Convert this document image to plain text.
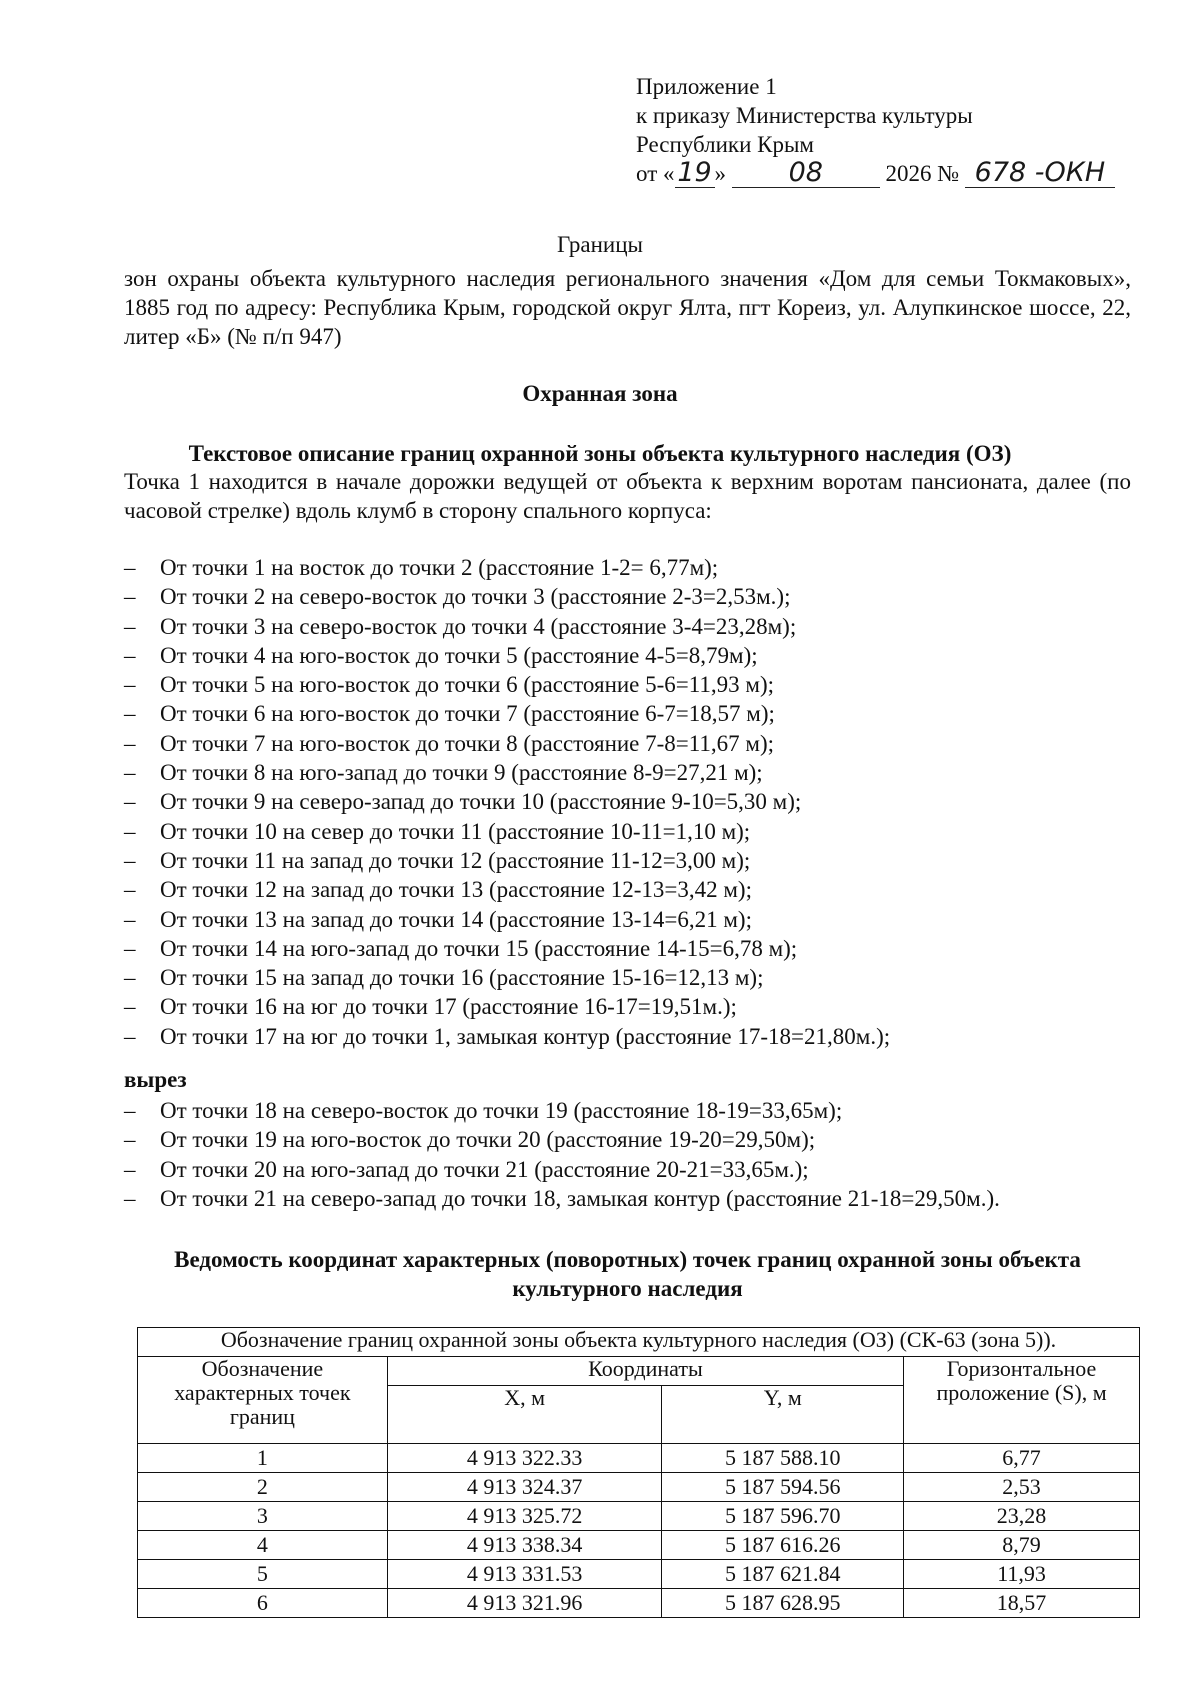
Приложение 1
к приказу Министерства культуры
Республики Крым
от « 19 » 08	2026 № 678 -ОКН
Границы
зон охраны объекта культурного наследия регионального значения «Дом для семьи Токмаковых», 1885 год по адресу: Республика Крым, городской округ Ялта, пгт Кореиз, ул. Алупкинское шоссе, 22, литер «Б» (№ п/п 947)
Охранная зона
Текстовое описание границ охранной зоны объекта культурного наследия (ОЗ)
Точка 1 находится в начале дорожки ведущей от объекта к верхним воротам пансионата, далее (по часовой стрелке) вдоль клумб в сторону спального корпуса:
– От точки 1 на восток до точки 2 (расстояние 1-2= 6,77м);
– От точки 2 на северо-восток до точки 3 (расстояние 2-3=2,53м.);
– От точки 3 на северо-восток до точки 4 (расстояние 3-4=23,28м);
– От точки 4 на юго-восток до точки 5 (расстояние 4-5=8,79м);
– От точки 5 на юго-восток до точки 6 (расстояние 5-6=11,93 м);
– От точки 6 на юго-восток до точки 7 (расстояние 6-7=18,57 м);
– От точки 7 на юго-восток до точки 8 (расстояние 7-8=11,67 м);
– От точки 8 на юго-запад до точки 9 (расстояние 8-9=27,21 м);
– От точки 9 на северо-запад до точки 10 (расстояние 9-10=5,30 м);
– От точки 10 на север до точки 11 (расстояние 10-11=1,10 м);
– От точки 11 на запад до точки 12 (расстояние 11-12=3,00 м);
– От точки 12 на запад до точки 13 (расстояние 12-13=3,42 м);
– От точки 13 на запад до точки 14 (расстояние 13-14=6,21 м);
– От точки 14 на юго-запад до точки 15 (расстояние 14-15=6,78 м);
– От точки 15 на запад до точки 16 (расстояние 15-16=12,13 м);
– От точки 16 на юг до точки 17 (расстояние 16-17=19,51м.);
– От точки 17 на юг до точки 1, замыкая контур (расстояние 17-18=21,80м.);
вырез
– От точки 18 на северо-восток до точки 19 (расстояние 18-19=33,65м);
– От точки 19 на юго-восток до точки 20 (расстояние 19-20=29,50м);
– От точки 20 на юго-запад до точки 21 (расстояние 20-21=33,65м.);
– От точки 21 на северо-запад до точки 18, замыкая контур (расстояние 21-18=29,50м.).
Ведомость координат характерных (поворотных) точек границ охранной зоны объекта культурного наследия
Обозначение границ охранной зоны объекта культурного наследия (ОЗ) (СК-63 (зона 5)).			
Обозначение характерных точек границ	Координаты		Горизонтальное проложение (S), м
	X, м	Y, м	
1	4 913 322.33	5 187 588.10	6,77
2	4 913 324.37	5 187 594.56	2,53
3	4 913 325.72	5 187 596.70	23,28
4	4 913 338.34	5 187 616.26	8,79
5	4 913 331.53	5 187 621.84	11,93
6	4 913 321.96	5 187 628.95	18,57
